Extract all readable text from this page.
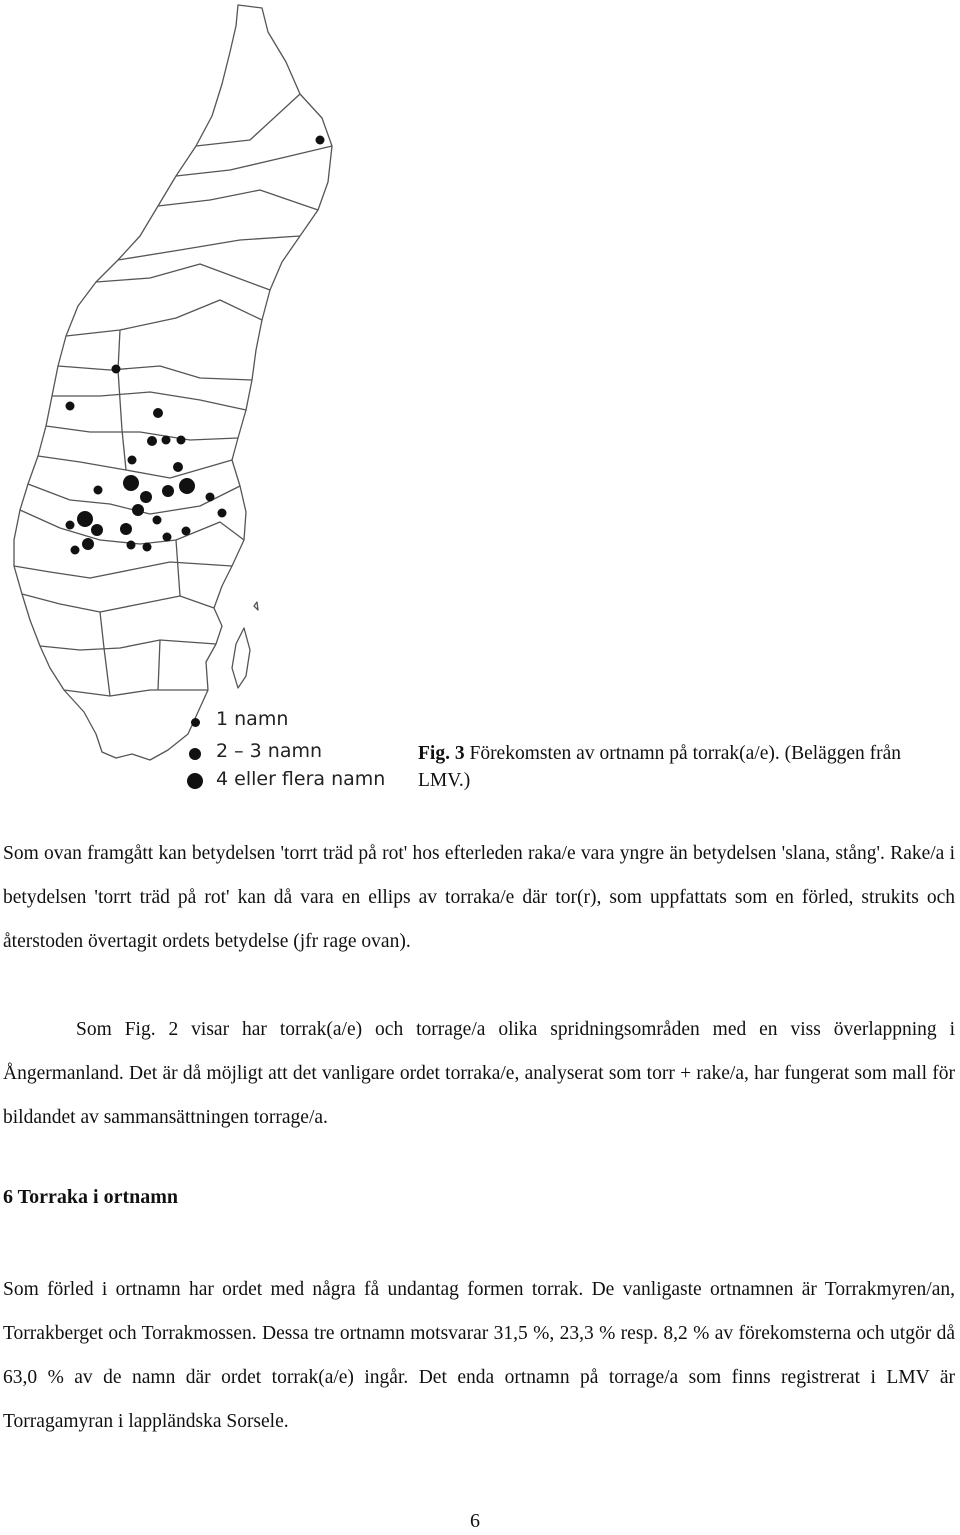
1 namn
2 – 3 namn
4 eller flera namn
Fig. 3 Förekomsten av ortnamn på torrak(a/e). (Beläggen från LMV.)

Som ovan framgått kan betydelsen 'torrt träd på rot' hos efterleden raka/e vara yngre än betydelsen 'slana, stång'. Rake/a i betydelsen 'torrt träd på rot' kan då vara en ellips av torraka/e där tor(r), som uppfattats som en förled, strukits och återstoden övertagit ordets betydelse (jfr rage ovan).

Som Fig. 2 visar har torrak(a/e) och torrage/a olika spridningsområden med en viss överlappning i Ångermanland. Det är då möjligt att det vanligare ordet torraka/e, analyserat som torr + rake/a, har fungerat som mall för bildandet av sammansättningen torrage/a.

6 Torraka i ortnamn

Som förled i ortnamn har ordet med några få undantag formen torrak. De vanligaste ortnamnen är Torrakmyren/an, Torrakberget och Torrakmossen. Dessa tre ortnamn motsvarar 31,5 %, 23,3 % resp. 8,2 % av förekomsterna och utgör då 63,0 % av de namn där ordet torrak(a/e) ingår. Det enda ortnamn på torrage/a som finns registrerat i LMV är Torragamyran i lappländska Sorsele.

6
